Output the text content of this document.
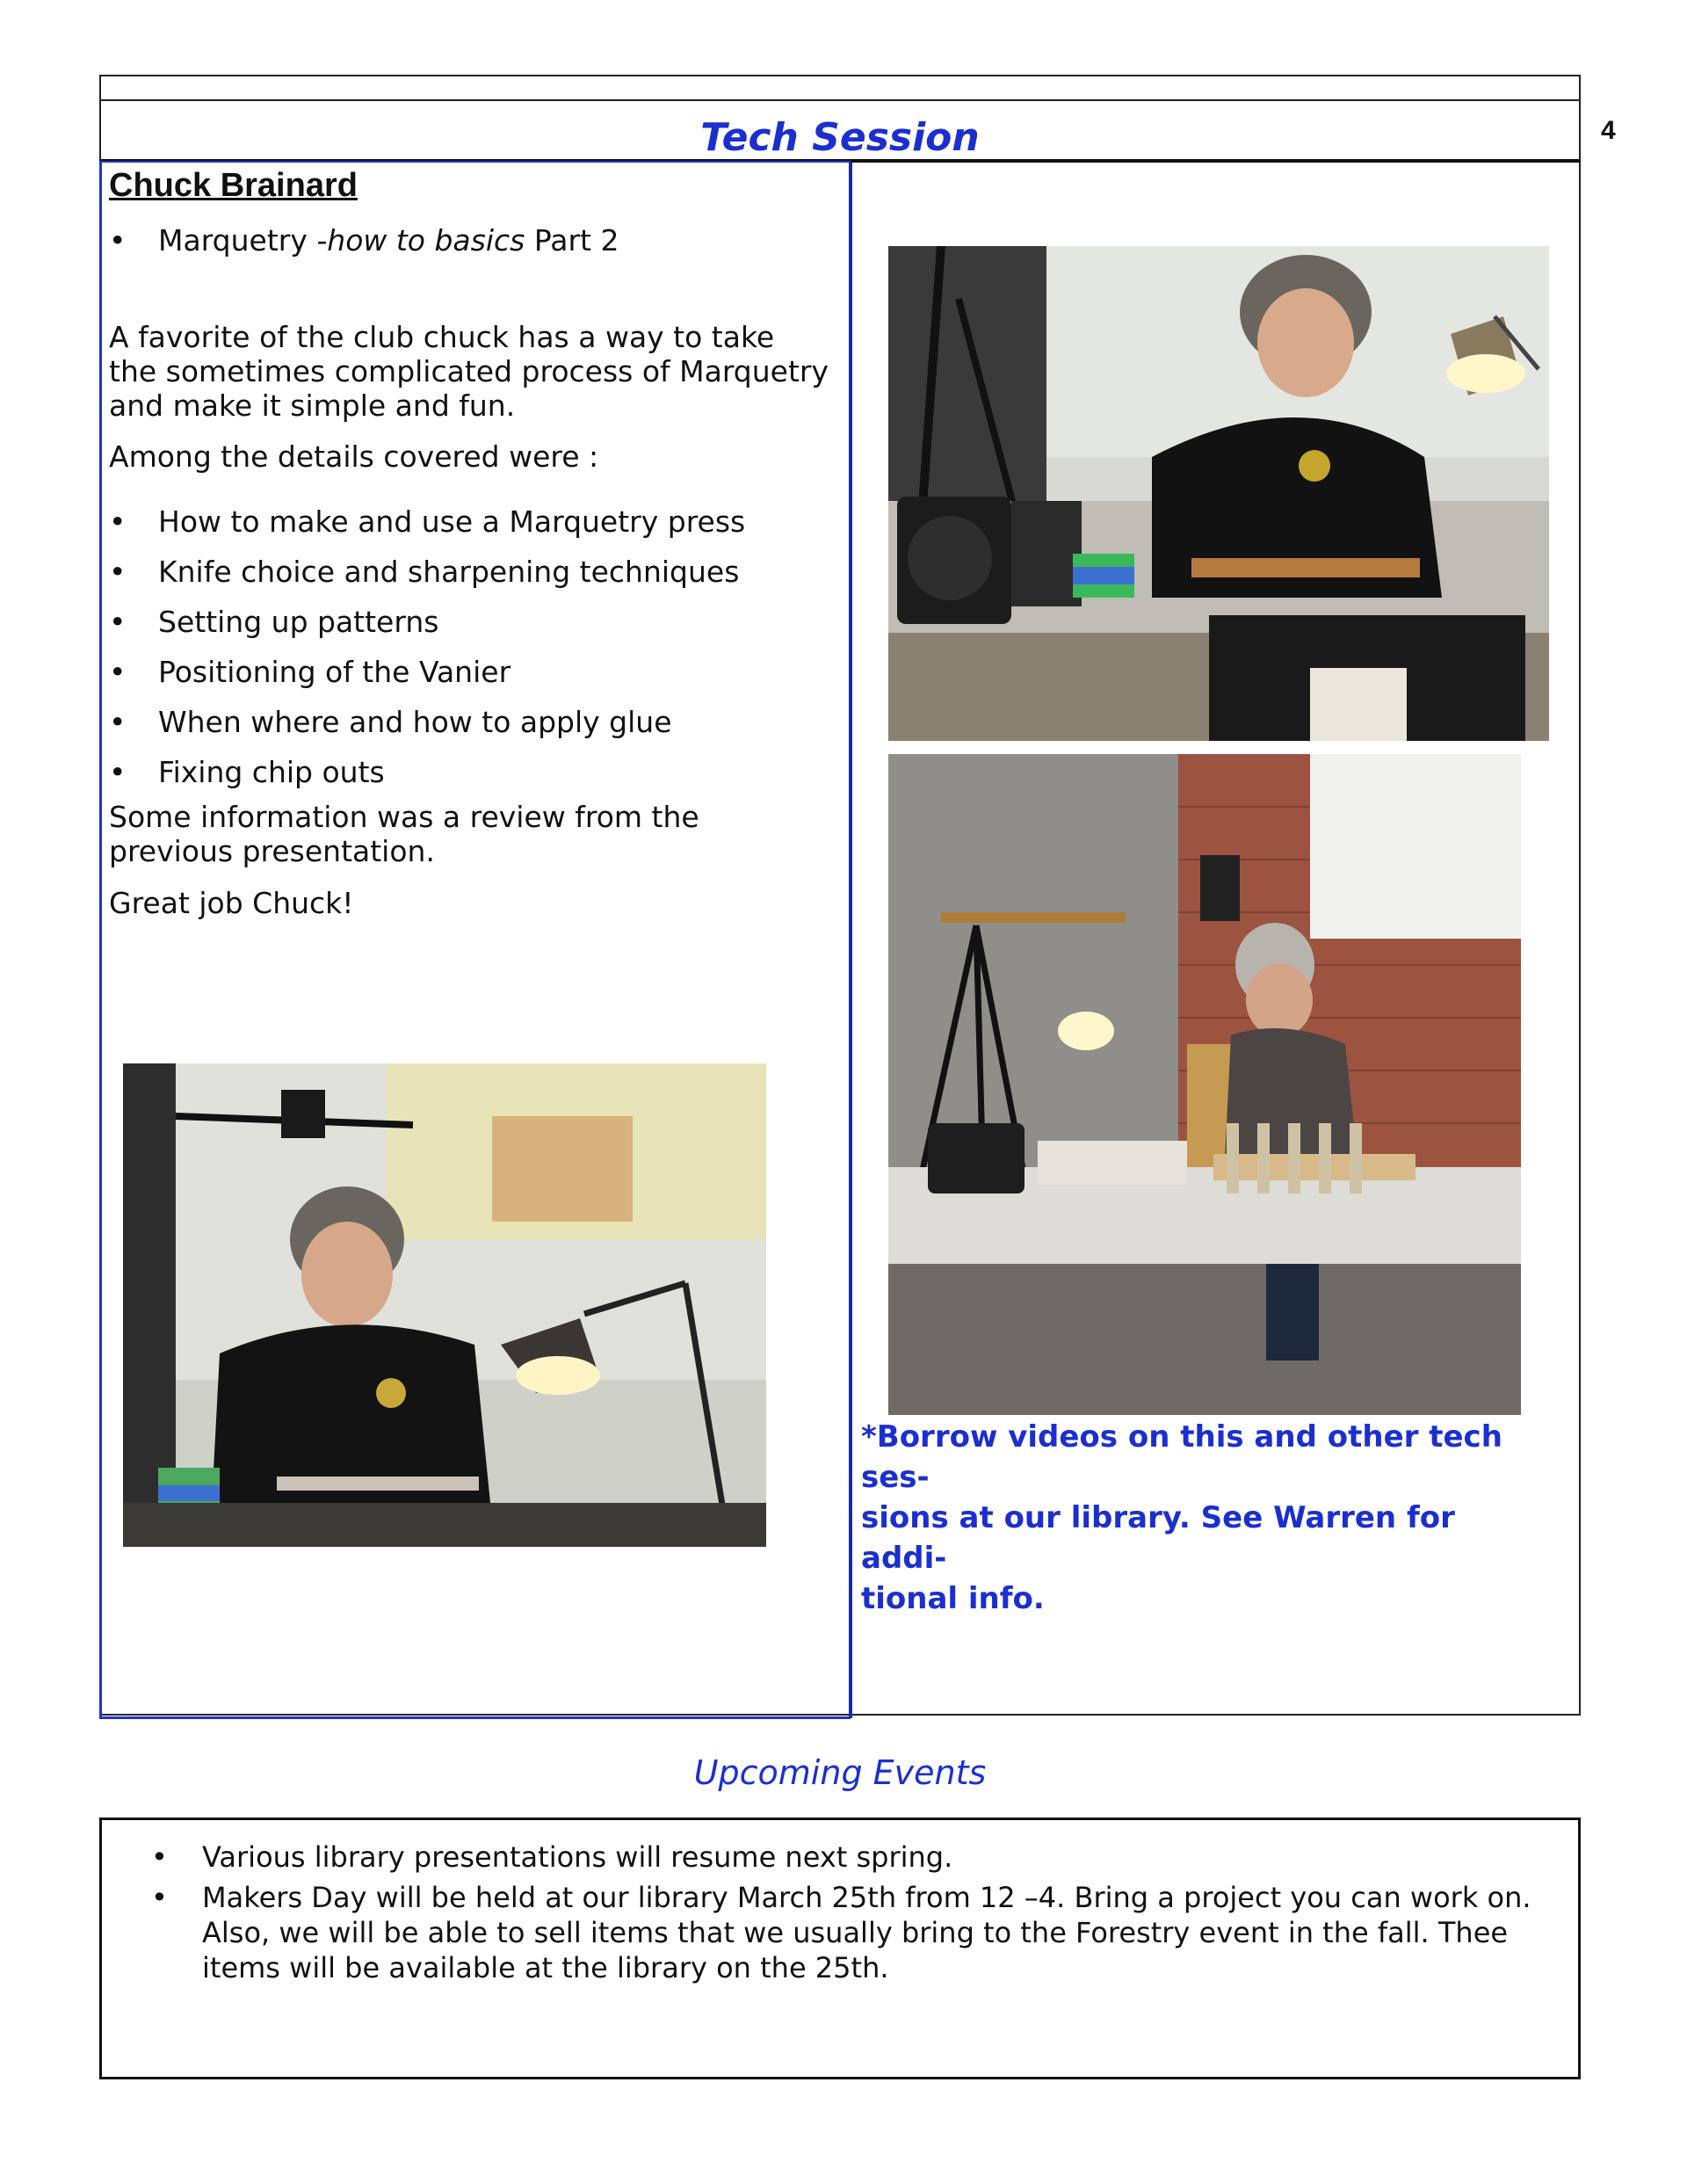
4
Tech Session
Chuck Brainard
• Marquetry -how to basics Part 2

A favorite of the club chuck has a way to take the sometimes complicated process of Marquetry and make it simple and fun.

Among the details covered were :

• How to make and use a Marquetry press
• Knife choice and sharpening techniques
• Setting up patterns
• Positioning of the Vanier
• When where and how to apply glue
• Fixing chip outs

Some information was a review from the previous presentation.

Great job Chuck!

*Borrow videos on this and other tech ses-
sions at our library. See Warren for addi-
tional info.
Upcoming Events
• Various library presentations will resume next spring.
• Makers Day will be held at our library March 25th from 12 –4. Bring a project you can work on. Also, we will be able to sell items that we usually bring to the Forestry event in the fall. Thee items will be available at the library on the 25th.
